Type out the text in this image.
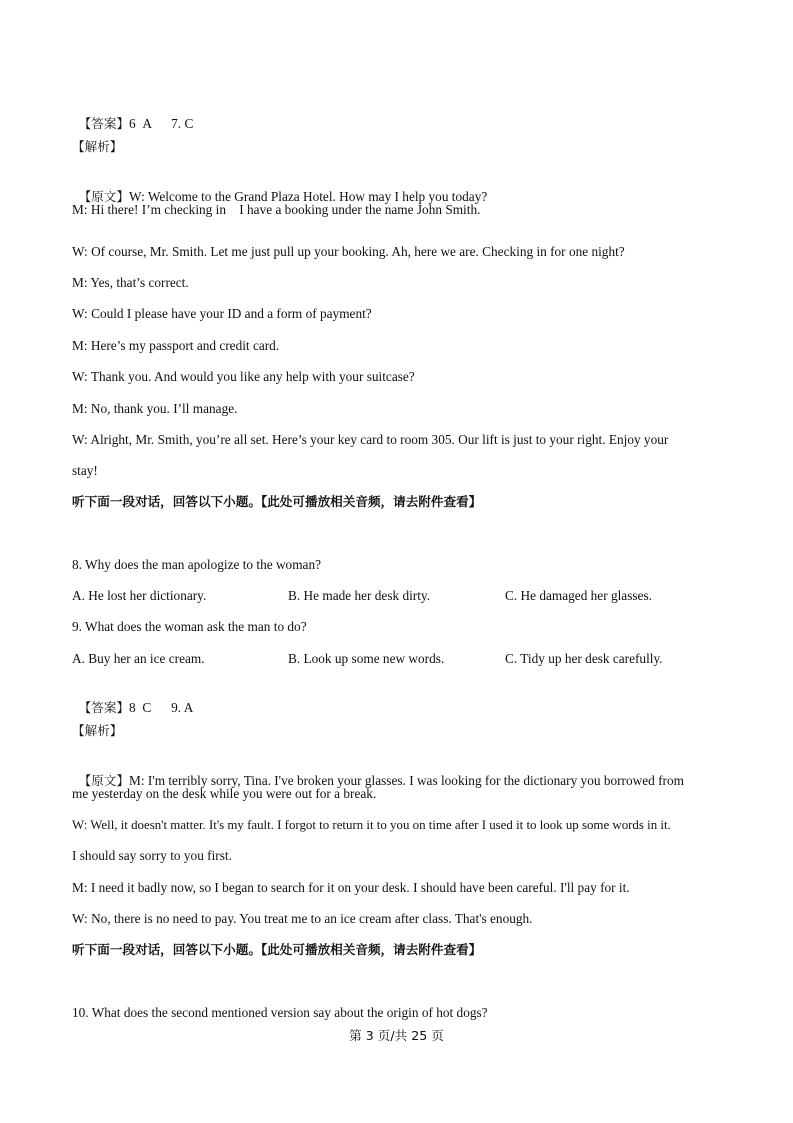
【答案】6  A      7. C

【解析】

【原文】W: Welcome to the Grand Plaza Hotel. How may I help you today?

M: Hi there! I’m checking in    I have a booking under the name John Smith.
W: Of course, Mr. Smith. Let me just pull up your booking. Ah, here we are. Checking in for one night?
M: Yes, that’s correct.
W: Could I please have your ID and a form of payment?
M: Here’s my passport and credit card.
W: Thank you. And would you like any help with your suitcase?
M: No, thank you. I’ll manage.
W: Alright, Mr. Smith, you’re all set. Here’s your key card to room 305. Our lift is just to your right. Enjoy your
stay!
听下面一段对话，回答以下小题。【此处可播放相关音频，请去附件查看】
8. Why does the man apologize to the woman?
A. He lost her dictionary.	B. He made her desk dirty.	C. He damaged her glasses.
9. What does the woman ask the man to do?
A. Buy her an ice cream.	B. Look up some new words.	C. Tidy up her desk carefully.

【答案】8  C      9. A

【解析】

【原文】M: I'm terribly sorry, Tina. I've broken your glasses. I was looking for the dictionary you borrowed from

me yesterday on the desk while you were out for a break.
W: Well, it doesn't matter. It's my fault. I forgot to return it to you on time after I used it to look up some words in it.
I should say sorry to you first.
M: I need it badly now, so I began to search for it on your desk. I should have been careful. I'll pay for it.
W: No, there is no need to pay. You treat me to an ice cream after class. That's enough.
听下面一段对话，回答以下小题。【此处可播放相关音频，请去附件查看】
10. What does the second mentioned version say about the origin of hot dogs?
第 3 页/共 25 页
